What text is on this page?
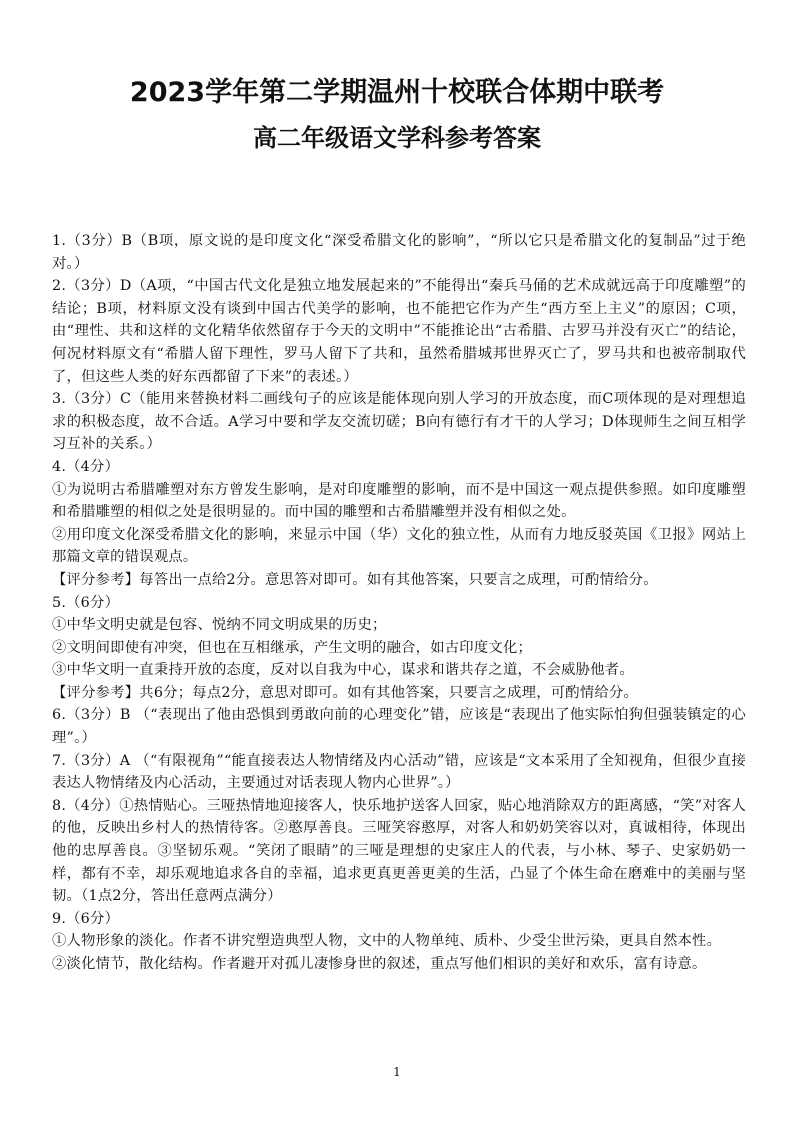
2023学年第二学期温州十校联合体期中联考
高二年级语文学科参考答案

1.（3分）B（B项，原文说的是印度文化“深受希腊文化的影响”，“所以它只是希腊文化的复制品”过于绝对。）

2.（3分）D（A项，“中国古代文化是独立地发展起来的”不能得出“秦兵马俑的艺术成就远高于印度雕塑”的结论；B项，材料原文没有谈到中国古代美学的影响，也不能把它作为产生“西方至上主义”的原因；C项，由“理性、共和这样的文化精华依然留存于今天的文明中”不能推论出“古希腊、古罗马并没有灭亡”的结论，何况材料原文有“希腊人留下理性，罗马人留下了共和，虽然希腊城邦世界灭亡了，罗马共和也被帝制取代了，但这些人类的好东西都留了下来”的表述。）

3.（3分）C（能用来替换材料二画线句子的应该是能体现向别人学习的开放态度，而C项体现的是对理想追求的积极态度，故不合适。A学习中要和学友交流切磋；B向有德行有才干的人学习；D体现师生之间互相学习互补的关系。）

4.（4分）

①为说明古希腊雕塑对东方曾发生影响，是对印度雕塑的影响，而不是中国这一观点提供参照。如印度雕塑和希腊雕塑的相似之处是很明显的。而中国的雕塑和古希腊雕塑并没有相似之处。

②用印度文化深受希腊文化的影响，来显示中国（华）文化的独立性，从而有力地反驳英国《卫报》网站上那篇文章的错误观点。

【评分参考】每答出一点给2分。意思答对即可。如有其他答案，只要言之成理，可酌情给分。

5.（6分）

①中华文明史就是包容、悦纳不同文明成果的历史；

②文明间即使有冲突，但也在互相继承，产生文明的融合，如古印度文化；

③中华文明一直秉持开放的态度，反对以自我为中心，谋求和谐共存之道，不会威胁他者。

【评分参考】共6分；每点2分，意思对即可。如有其他答案，只要言之成理，可酌情给分。

6.（3分）B （“表现出了他由恐惧到勇敢向前的心理变化”错，应该是“表现出了他实际怕狗但强装镇定的心理”。）

7.（3分）A （“有限视角”“能直接表达人物情绪及内心活动”错，应该是“文本采用了全知视角，但很少直接表达人物情绪及内心活动，主要通过对话表现人物内心世界”。）

8.（4分）①热情贴心。三哑热情地迎接客人，快乐地护送客人回家，贴心地消除双方的距离感，“笑”对客人的他，反映出乡村人的热情待客。②憨厚善良。三哑笑容憨厚，对客人和奶奶笑容以对，真诚相待，体现出他的忠厚善良。③坚韧乐观。“笑闭了眼睛”的三哑是理想的史家庄人的代表，与小林、琴子、史家奶奶一样，都有不幸，却乐观地追求各自的幸福，追求更真更善更美的生活，凸显了个体生命在磨难中的美丽与坚韧。（1点2分，答出任意两点满分）

9.（6分）

①人物形象的淡化。作者不讲究塑造典型人物，文中的人物单纯、质朴、少受尘世污染，更具自然本性。

②淡化情节，散化结构。作者避开对孤儿凄惨身世的叙述，重点写他们相识的美好和欢乐，富有诗意。

1
